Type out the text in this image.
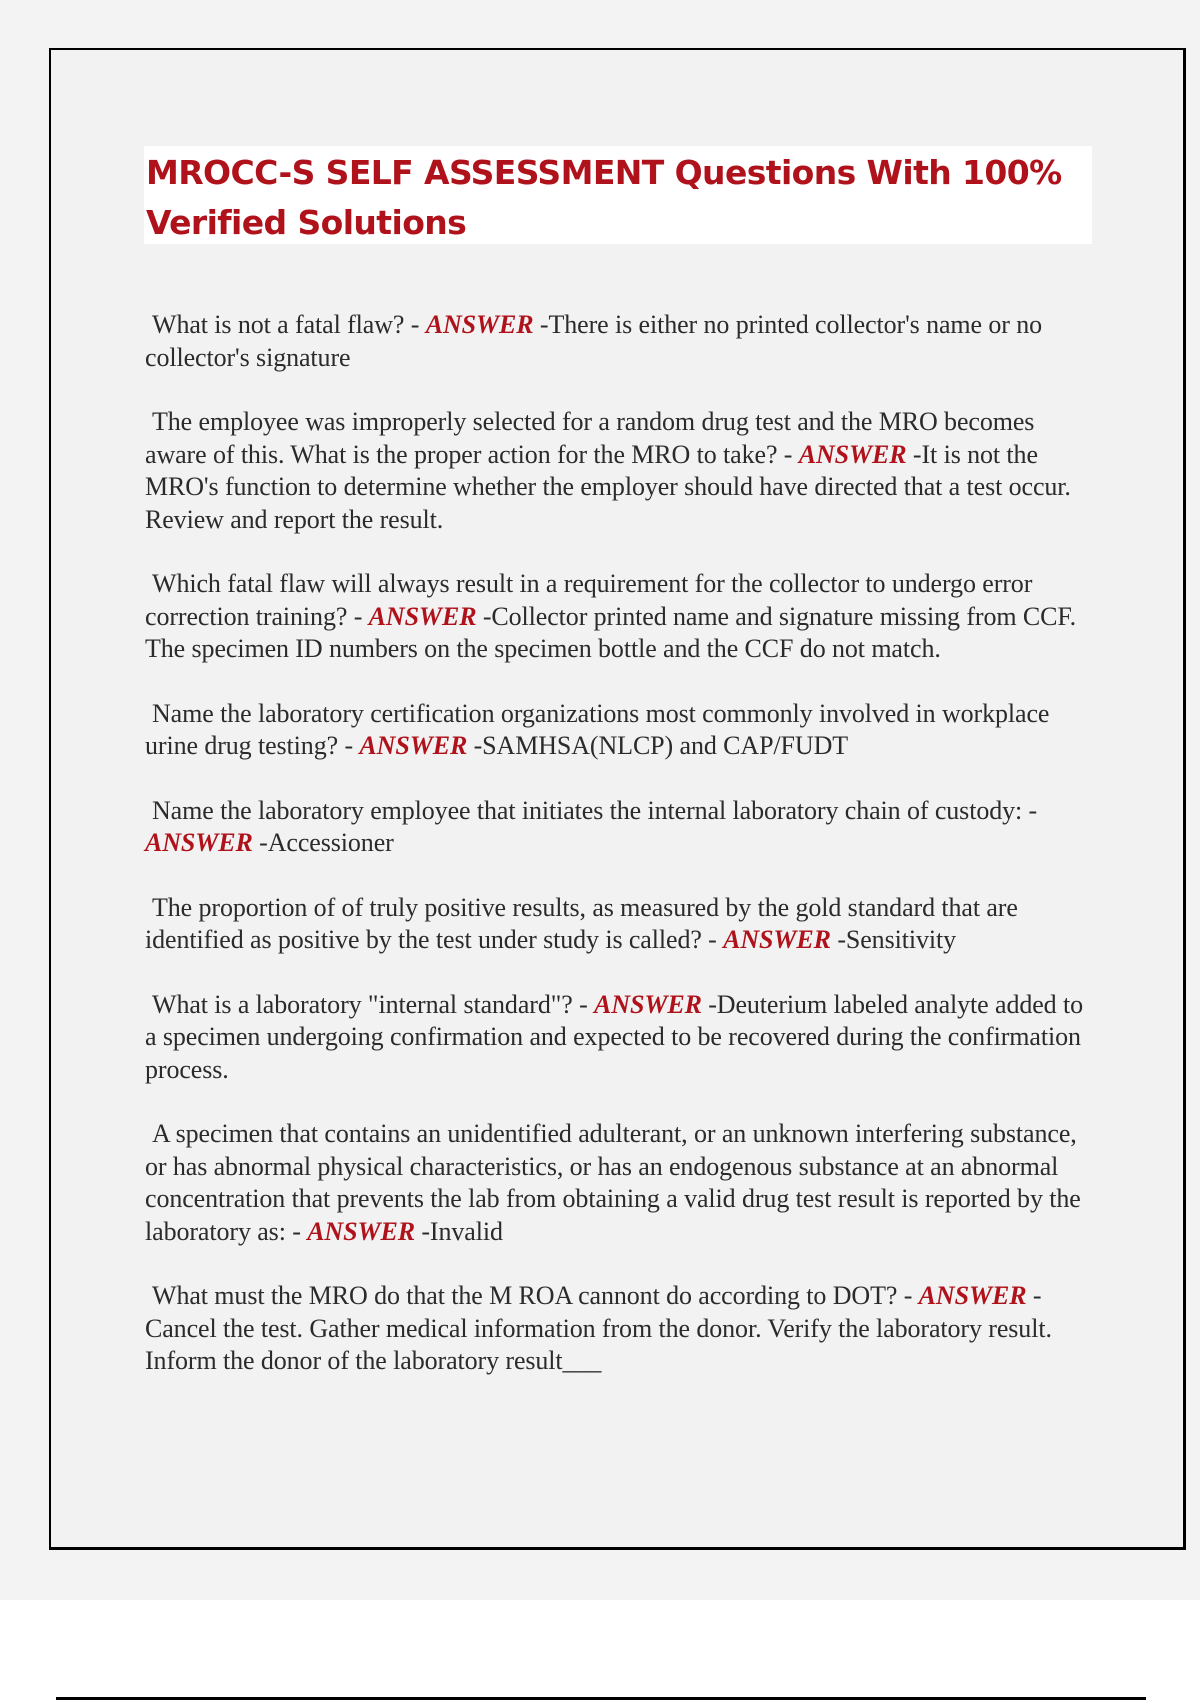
MROCC-S SELF ASSESSMENT Questions With 100% Verified Solutions

What is not a fatal flaw? - ANSWER -There is either no printed collector's name or no collector's signature

The employee was improperly selected for a random drug test and the MRO becomes aware of this. What is the proper action for the MRO to take? - ANSWER -It is not the MRO's function to determine whether the employer should have directed that a test occur. Review and report the result.

Which fatal flaw will always result in a requirement for the collector to undergo error correction training? - ANSWER -Collector printed name and signature missing from CCF. The specimen ID numbers on the specimen bottle and the CCF do not match.

Name the laboratory certification organizations most commonly involved in workplace urine drug testing? - ANSWER -SAMHSA(NLCP) and CAP/FUDT

Name the laboratory employee that initiates the internal laboratory chain of custody: - ANSWER -Accessioner

The proportion of of truly positive results, as measured by the gold standard that are identified as positive by the test under study is called? - ANSWER -Sensitivity

What is a laboratory "internal standard"? - ANSWER -Deuterium labeled analyte added to a specimen undergoing confirmation and expected to be recovered during the confirmation process.

A specimen that contains an unidentified adulterant, or an unknown interfering substance, or has abnormal physical characteristics, or has an endogenous substance at an abnormal concentration that prevents the lab from obtaining a valid drug test result is reported by the laboratory as: - ANSWER -Invalid

What must the MRO do that the M ROA cannont do according to DOT? - ANSWER -Cancel the test. Gather medical information from the donor. Verify the laboratory result. Inform the donor of the laboratory result___
